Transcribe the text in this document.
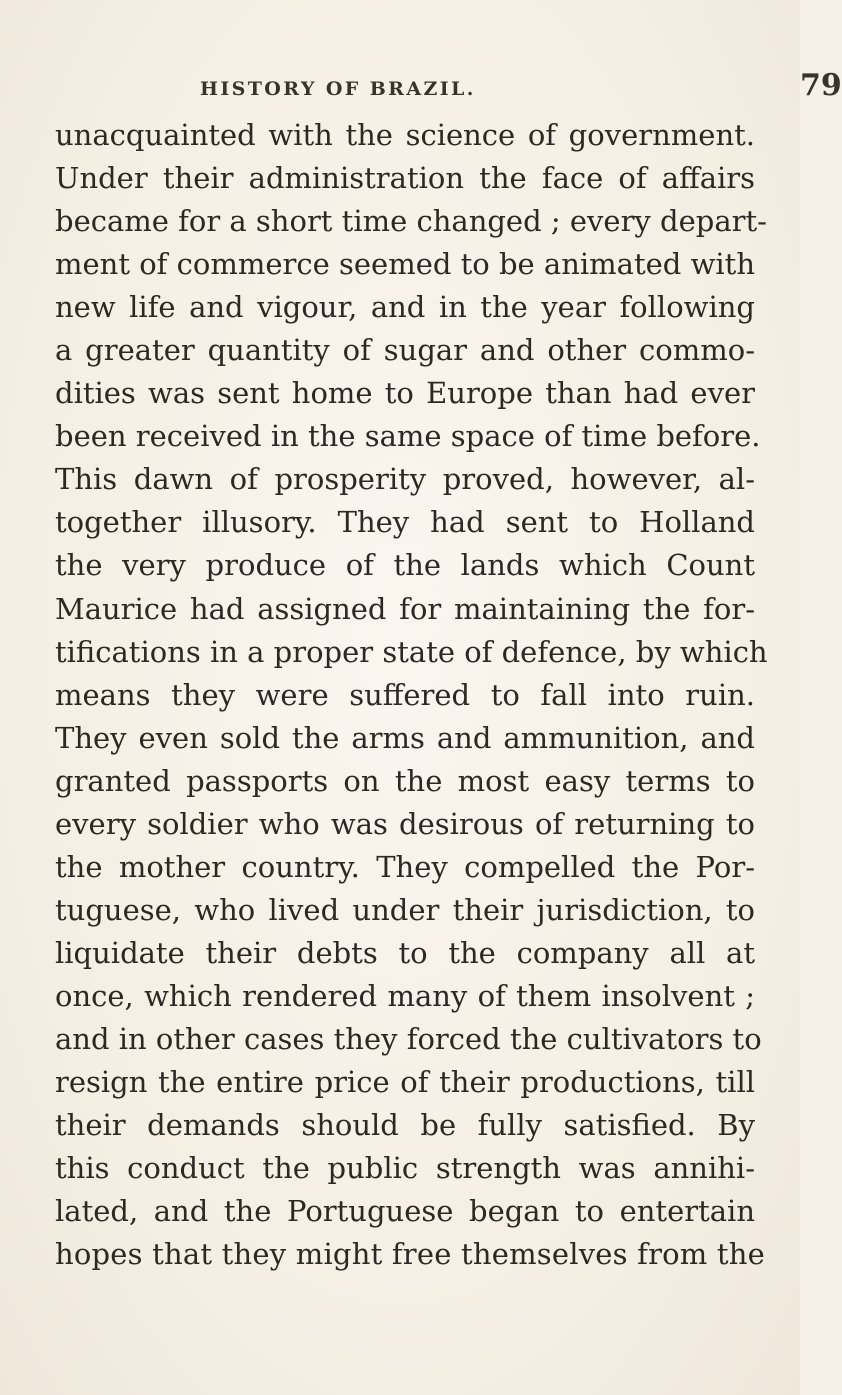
HISTORY OF BRAZIL.	79
unacquainted with the science of government.
Under their administration the face of affairs
became for a short time changed ; every depart-
ment of commerce seemed to be animated with
new life and vigour, and in the year following
a greater quantity of sugar and other commo-
dities was sent home to Europe than had ever
been received in the same space of time before.
This dawn of prosperity proved, however, al-
together illusory. They had sent to Holland
the very produce of the lands which Count
Maurice had assigned for maintaining the for-
tifications in a proper state of defence, by which
means they were suffered to fall into ruin.
They even sold the arms and ammunition, and
granted passports on the most easy terms to
every soldier who was desirous of returning to
the mother country. They compelled the Por-
tuguese, who lived under their jurisdiction, to
liquidate their debts to the company all at
once, which rendered many of them insolvent ;
and in other cases they forced the cultivators to
resign the entire price of their productions, till
their demands should be fully satisfied. By
this conduct the public strength was annihi-
lated, and the Portuguese began to entertain
hopes that they might free themselves from the
